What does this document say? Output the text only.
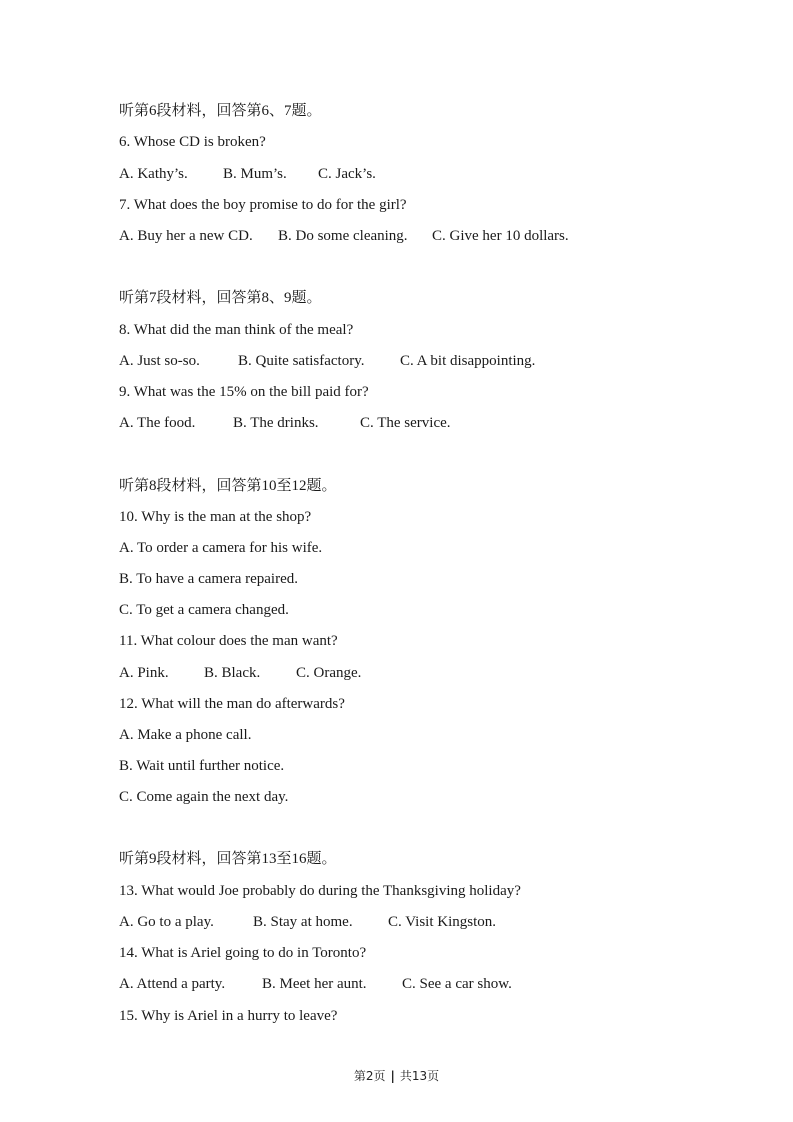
听第6段材料，回答第6、7题。
6. Whose CD is broken?
A. Kathy’s. B. Mum’s. C. Jack’s.
7. What does the boy promise to do for the girl?
A. Buy her a new CD. B. Do some cleaning. C. Give her 10 dollars.
听第7段材料，回答第8、9题。
8. What did the man think of the meal?
A. Just so-so.	B. Quite satisfactory. C. A bit disappointing.
9. What was the 15% on the bill paid for?
A. The food.	B. The drinks.	C. The service.
听第8段材料，回答第10至12题。
10. Why is the man at the shop?
A. To order a camera for his wife.
B. To have a camera repaired.
C. To get a camera changed.
11. What colour does the man want?
A. Pink. B. Black. C. Orange.
12. What will the man do afterwards?
A. Make a phone call.
B. Wait until further notice.
C. Come again the next day.
听第9段材料，回答第13至16题。
13. What would Joe probably do during the Thanksgiving holiday?
A. Go to a play.	B. Stay at home. C. Visit Kingston.
14. What is Ariel going to do in Toronto?
A. Attend a party. B. Meet her aunt. C. See a car show.
15. Why is Ariel in a hurry to leave?
第2页 | 共13页
